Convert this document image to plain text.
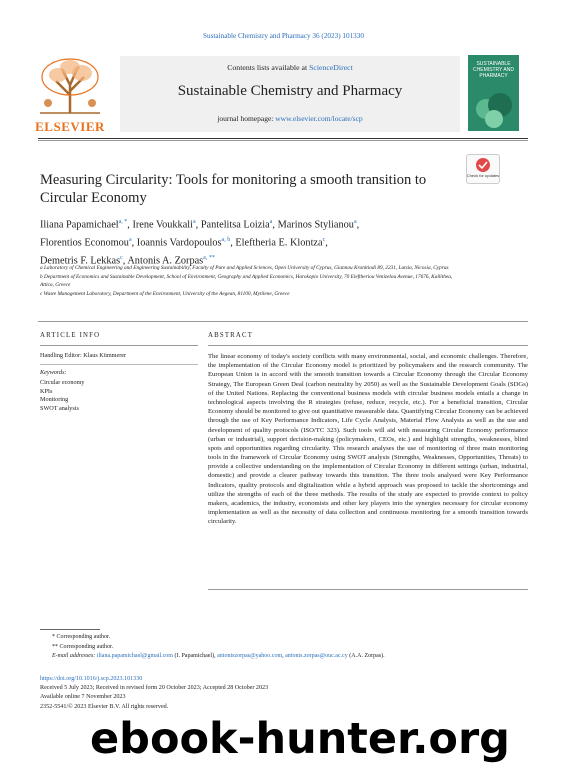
Sustainable Chemistry and Pharmacy 36 (2023) 101330
ELSEVIER
Contents lists available at ScienceDirect
Sustainable Chemistry and Pharmacy
journal homepage: www.elsevier.com/locate/scp
SUSTAINABLE CHEMISTRY AND PHARMACY
Measuring Circularity: Tools for monitoring a smooth transition to Circular Economy
Check for updates
Iliana Papamichael$^{a, *}$, Irene Voukkali$^a$, Pantelitsa Loizia$^a$, Marinos Stylianou$^a$,
Florentios Economou$^a$, Ioannis Vardopoulos$^{a, b}$, Eleftheria E. Klontza$^c$,
Demetris F. Lekkas$^c$, Antonis A. Zorpas$^{a, **}$
a Laboratory of Chemical Engineering and Engineering Sustainability, Faculty of Pure and Applied Sciences, Open University of Cyprus, Giannou Kranitiodi 89, 2231, Latsia, Nicosia, Cyprus
b Department of Economics and Sustainable Development, School of Environment, Geography and Applied Economics, Harokopio University, 70 Eleftheriou Venizelou Avenue, 17676, Kallithea, Attica, Greece
c Waste Management Laboratory, Department of the Environment, University of the Aegean, 81100, Mytilene, Greece
ARTICLE INFO	ABSTRACT
Handling Editor: Klaus Kümmerer
Keywords:
Circular economy
KPIs
Monitoring
SWOT analysis
The linear economy of today's society conflicts with many environmental, social, and economic challenges. Therefore, the implementation of the Circular Economy model is prioritized by policymakers and the research community. The European Union is in accord with the smooth transition towards a Circular Economy through the Circular Economy Strategy, The European Green Deal (carbon neutrality by 2050) as well as the Sustainable Development Goals (SDGs) of the United Nations. Replacing the conventional business models with circular business models entails a change in technological aspects involving the R strategies (refuse, reduce, recycle, etc.). For a beneficial transition, Circular Economy should be monitored to give out quantitative measurable data. Quantifying Circular Economy can be achieved through the use of Key Performance Indicators, Life Cycle Analysis, Material Flow Analysis as well as the use and development of quality protocols (ISO/TC 323). Such tools will aid with measuring Circular Economy performance (urban or industrial), support decision-making (policymakers, CEOs, etc.) and highlight strengths, weaknesses, blind spots and opportunities regarding circularity. This research analyses the use of monitoring of three main monitoring tools in the framework of Circular Economy using SWOT analysis (Strengths, Weaknesses, Opportunities, Threats) to provide a collective understanding on the implementation of Circular Economy in different settings (urban, industrial, domestic) and provide a clearer pathway towards this transition. The three tools analysed were Key Performance Indicators, quality protocols and digitalization while a hybrid approach was proposed to tackle the shortcomings and utilize the strengths of each of the three methods. The results of the study are expected to provide context to policy makers, academics, the industry, economists and other key players into the synergies necessary for circular economy implementation as well as the necessity of data collection and continuous monitoring for a smooth transition towards circularity.
* Corresponding author.
** Corresponding author.
E-mail addresses: iliana.papamichael@gmail.com (I. Papamichael), antoniszorpas@yahoo.com, antonis.zorpas@ouc.ac.cy (A.A. Zorpas).
https://doi.org/10.1016/j.scp.2023.101330
Received 5 July 2023; Received in revised form 20 October 2023; Accepted 28 October 2023
Available online 7 November 2023
2352-5541/© 2023 Elsevier B.V. All rights reserved.
ebook-hunter.org
